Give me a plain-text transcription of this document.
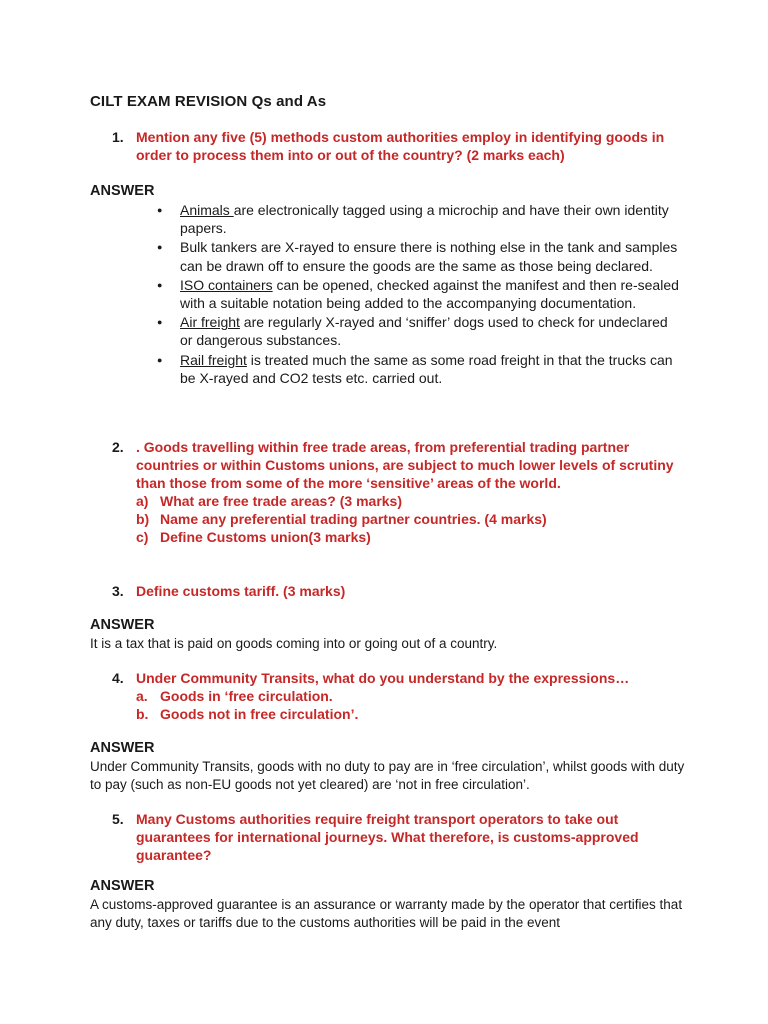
CILT EXAM REVISION Qs and As
1. Mention any five (5) methods custom authorities employ in identifying goods in order to process them into or out of the country? (2 marks each)
ANSWER
● Animals are electronically tagged using a microchip and have their own identity papers.
● Bulk tankers are X-rayed to ensure there is nothing else in the tank and samples can be drawn off to ensure the goods are the same as those being declared.
● ISO containers can be opened, checked against the manifest and then re-sealed with a suitable notation being added to the accompanying documentation.
● Air freight are regularly X-rayed and ‘sniffer’ dogs used to check for undeclared or dangerous substances.
● Rail freight is treated much the same as some road freight in that the trucks can be X-rayed and CO2 tests etc. carried out.
2. . Goods travelling within free trade areas, from preferential trading partner countries or within Customs unions, are subject to much lower levels of scrutiny than those from some of the more ‘sensitive’ areas of the world.
a) What are free trade areas? (3 marks)
b) Name any preferential trading partner countries. (4 marks)
c) Define Customs union(3 marks)
3. Define customs tariff. (3 marks)
ANSWER
It is a tax that is paid on goods coming into or going out of a country.
4. Under Community Transits, what do you understand by the expressions…
a. Goods in ‘free circulation.
b. Goods not in free circulation’.
ANSWER
Under Community Transits, goods with no duty to pay are in ‘free circulation’, whilst goods with duty to pay (such as non-EU goods not yet cleared) are ‘not in free circulation’.
5. Many Customs authorities require freight transport operators to take out guarantees for international journeys. What therefore, is customs-approved guarantee?
ANSWER
A customs-approved guarantee is an assurance or warranty made by the operator that certifies that any duty, taxes or tariffs due to the customs authorities will be paid in the event
